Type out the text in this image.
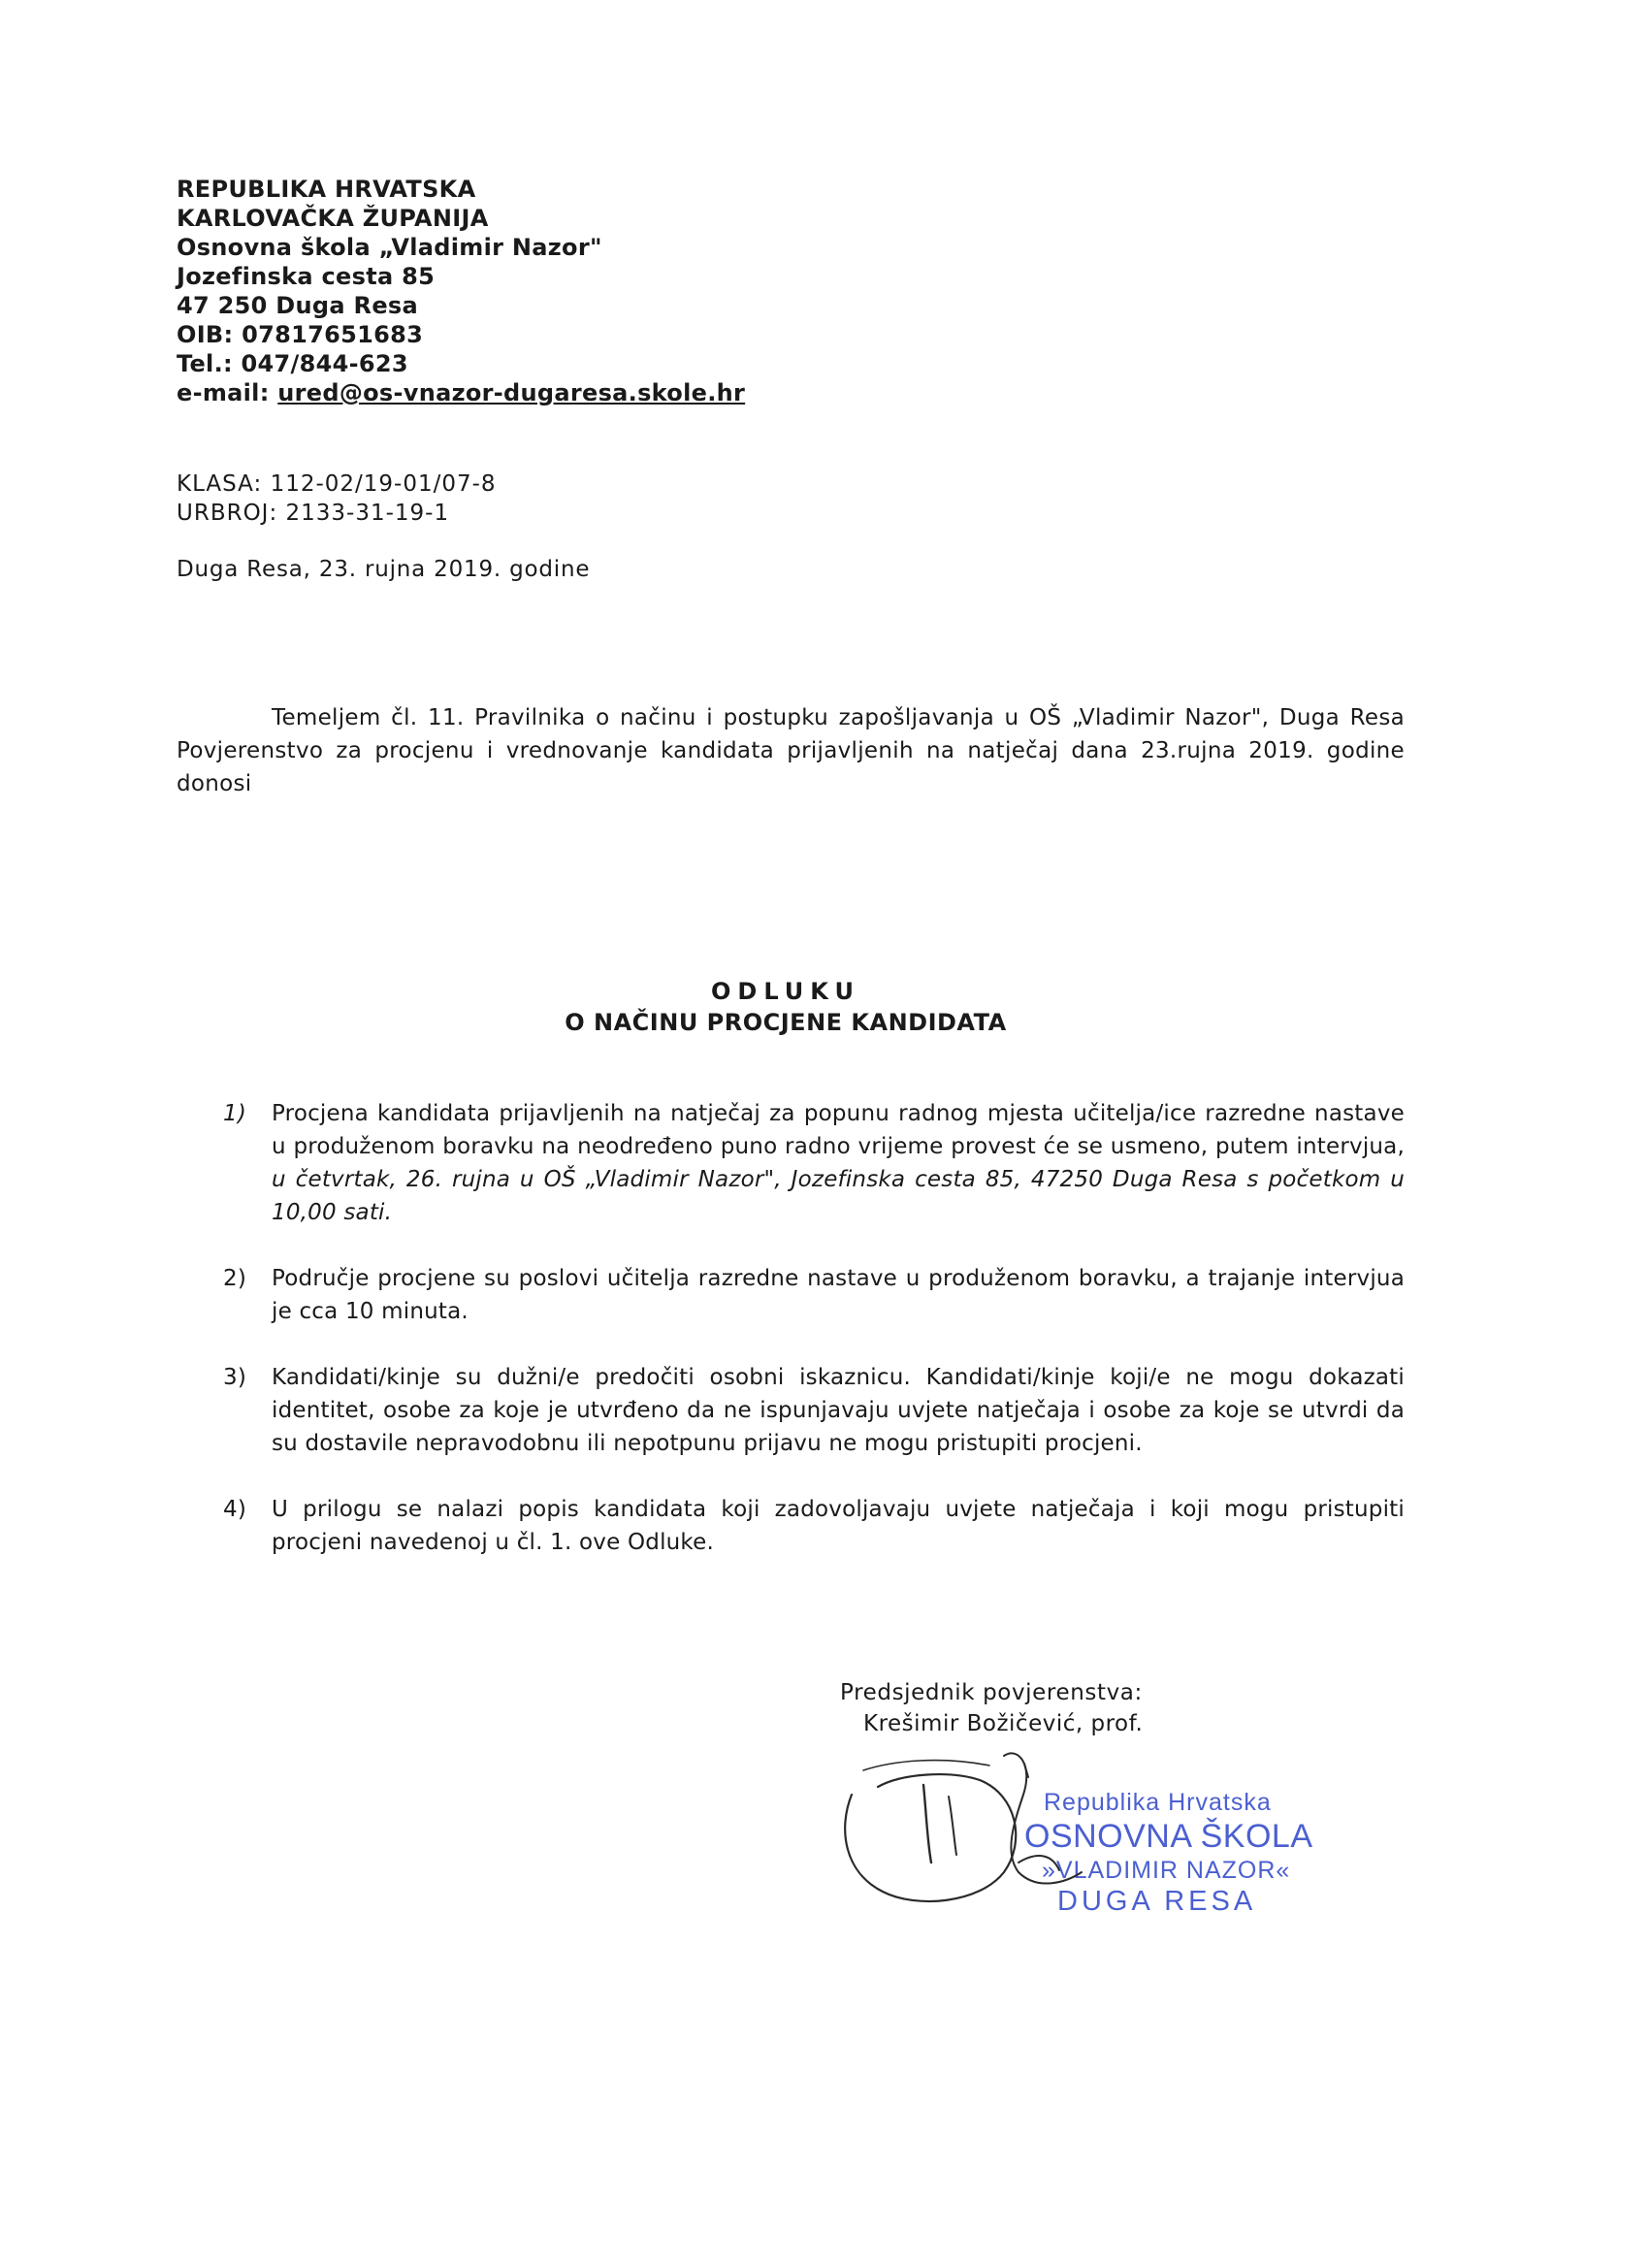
REPUBLIKA HRVATSKA
KARLOVAČKA ŽUPANIJA
Osnovna škola „Vladimir Nazor"
Jozefinska cesta 85
47 250 Duga Resa
OIB: 07817651683
Tel.: 047/844-623
e-mail: ured@os-vnazor-dugaresa.skole.hr
KLASA: 112-02/19-01/07-8
URBROJ: 2133-31-19-1
Duga Resa, 23. rujna 2019. godine
Temeljem čl. 11. Pravilnika o načinu i postupku zapošljavanja u OŠ „Vladimir Nazor", Duga Resa Povjerenstvo za procjenu i vrednovanje kandidata prijavljenih na natječaj dana 23.rujna 2019. godine donosi
ODLUKU
O NAČINU PROCJENE KANDIDATA
1) Procjena kandidata prijavljenih na natječaj za popunu radnog mjesta učitelja/ice razredne nastave u produženom boravku na neodređeno puno radno vrijeme provest će se usmeno, putem intervjua, u četvrtak, 26. rujna u OŠ „Vladimir Nazor", Jozefinska cesta 85, 47250 Duga Resa s početkom u 10,00 sati.
2) Područje procjene su poslovi učitelja razredne nastave u produženom boravku, a trajanje intervjua je cca 10 minuta.
3) Kandidati/kinje su dužni/e predočiti osobni iskaznicu. Kandidati/kinje koji/e ne mogu dokazati identitet, osobe za koje je utvrđeno da ne ispunjavaju uvjete natječaja i osobe za koje se utvrdi da su dostavile nepravodobnu ili nepotpunu prijavu ne mogu pristupiti procjeni.
4) U prilogu se nalazi popis kandidata koji zadovoljavaju uvjete natječaja i koji mogu pristupiti procjeni navedenoj u čl. 1. ove Odluke.
Predsjednik povjerenstva:
Krešimir Božičević, prof.
Republika Hrvatska
OSNOVNA ŠKOLA
»VLADIMIR NAZOR«
DUGA RESA
